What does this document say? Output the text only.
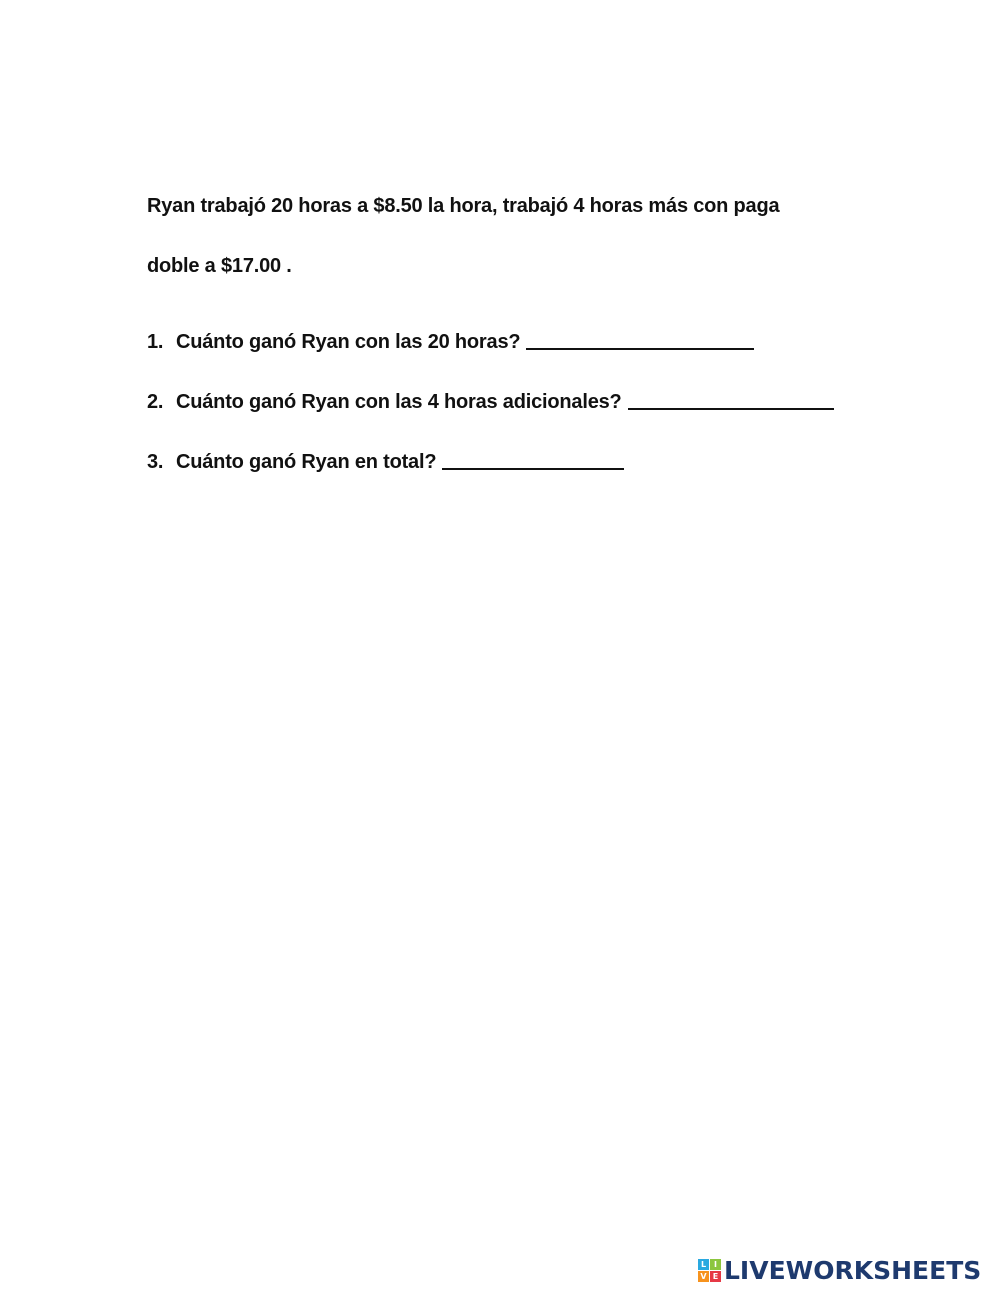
Ryan trabajó 20 horas a $8.50 la hora, trabajó 4 horas más con paga
doble a $17.00 .
1. Cuánto ganó Ryan con las 20 horas?
2. Cuánto ganó Ryan con las 4 horas adicionales?
3. Cuánto ganó Ryan en total?
L I
V E LIVEWORKSHEETS
